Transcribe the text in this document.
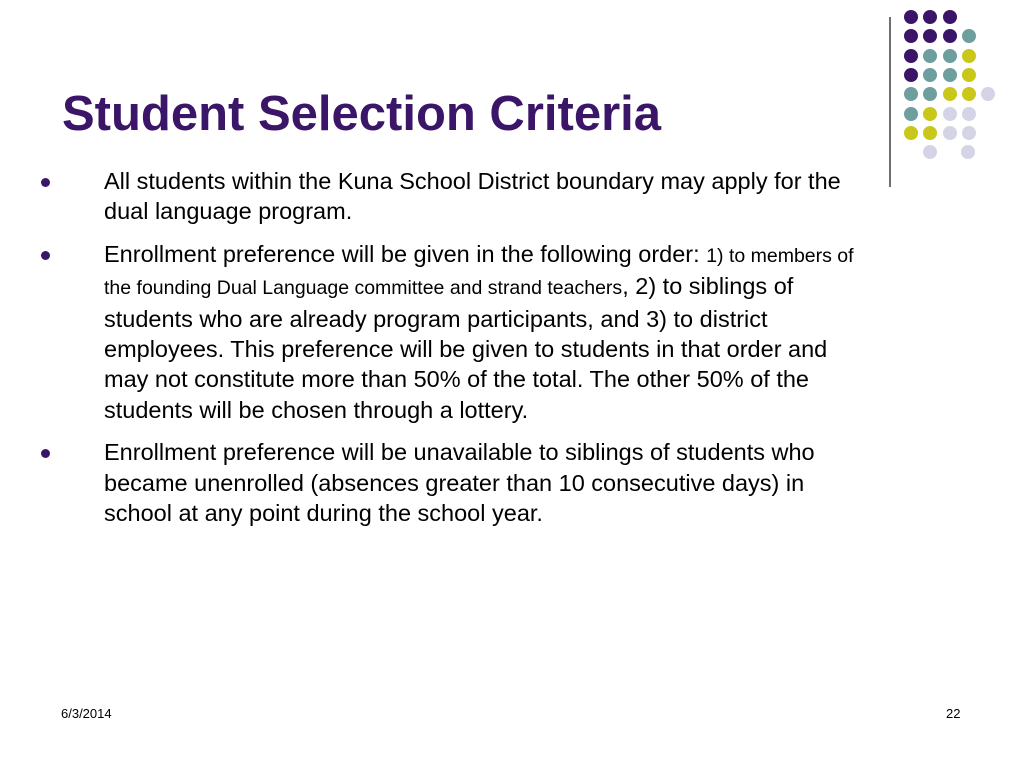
Student Selection Criteria
All students within the Kuna School District boundary may apply for the dual language program.
Enrollment preference will be given in the following order: 1) to members of the founding Dual Language committee and strand teachers, 2) to siblings of students who are already program participants, and 3) to district employees. This preference will be given to students in that order and may not constitute more than 50% of the total. The other 50% of the students will be chosen through a lottery.
Enrollment preference will be unavailable to siblings of students who became unenrolled (absences greater than 10 consecutive days) in school at any point during the school year.
6/3/2014	22
